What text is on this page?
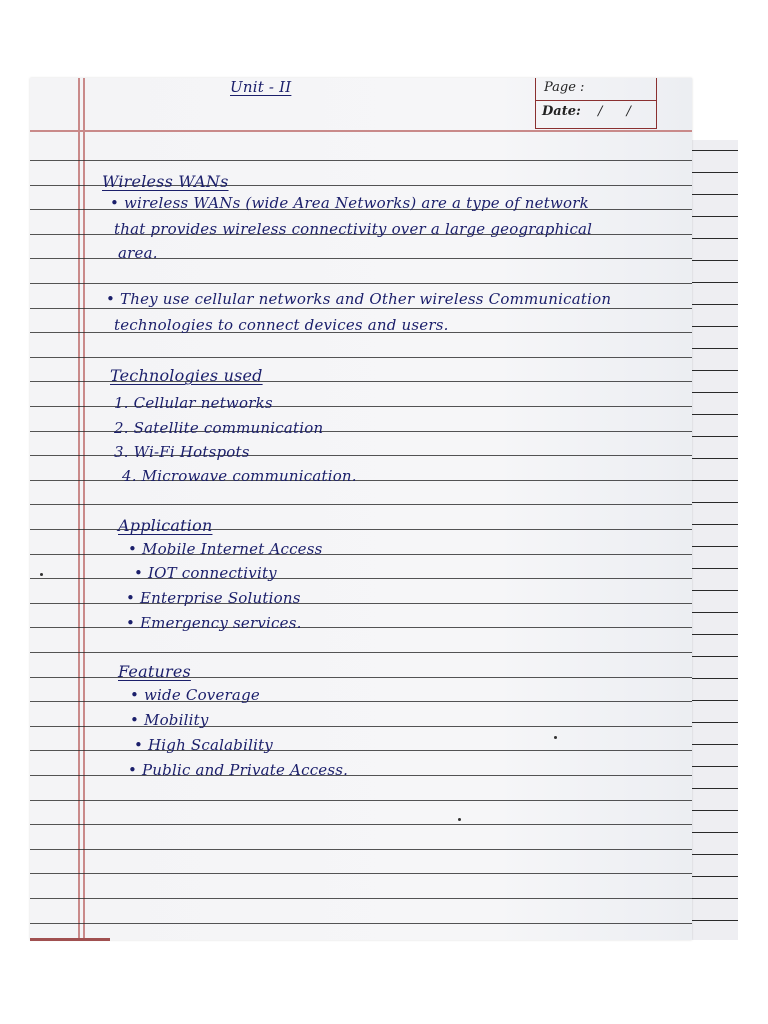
Unit - II	Page :
Date: / /
Wireless WANs
• wireless WANs (wide Area Networks) are a type of network
that provides wireless connectivity over a large geographical
area.
• They use cellular networks and Other wireless Communication
technologies to connect devices and users.
Technologies used
1. Cellular networks
2. Satellite communication
3. Wi-Fi Hotspots
4. Microwave communication.
Application
• Mobile Internet Access
• IOT connectivity
• Enterprise Solutions
• Emergency services.
Features
• wide Coverage
• Mobility
• High Scalability
• Public and Private Access.
